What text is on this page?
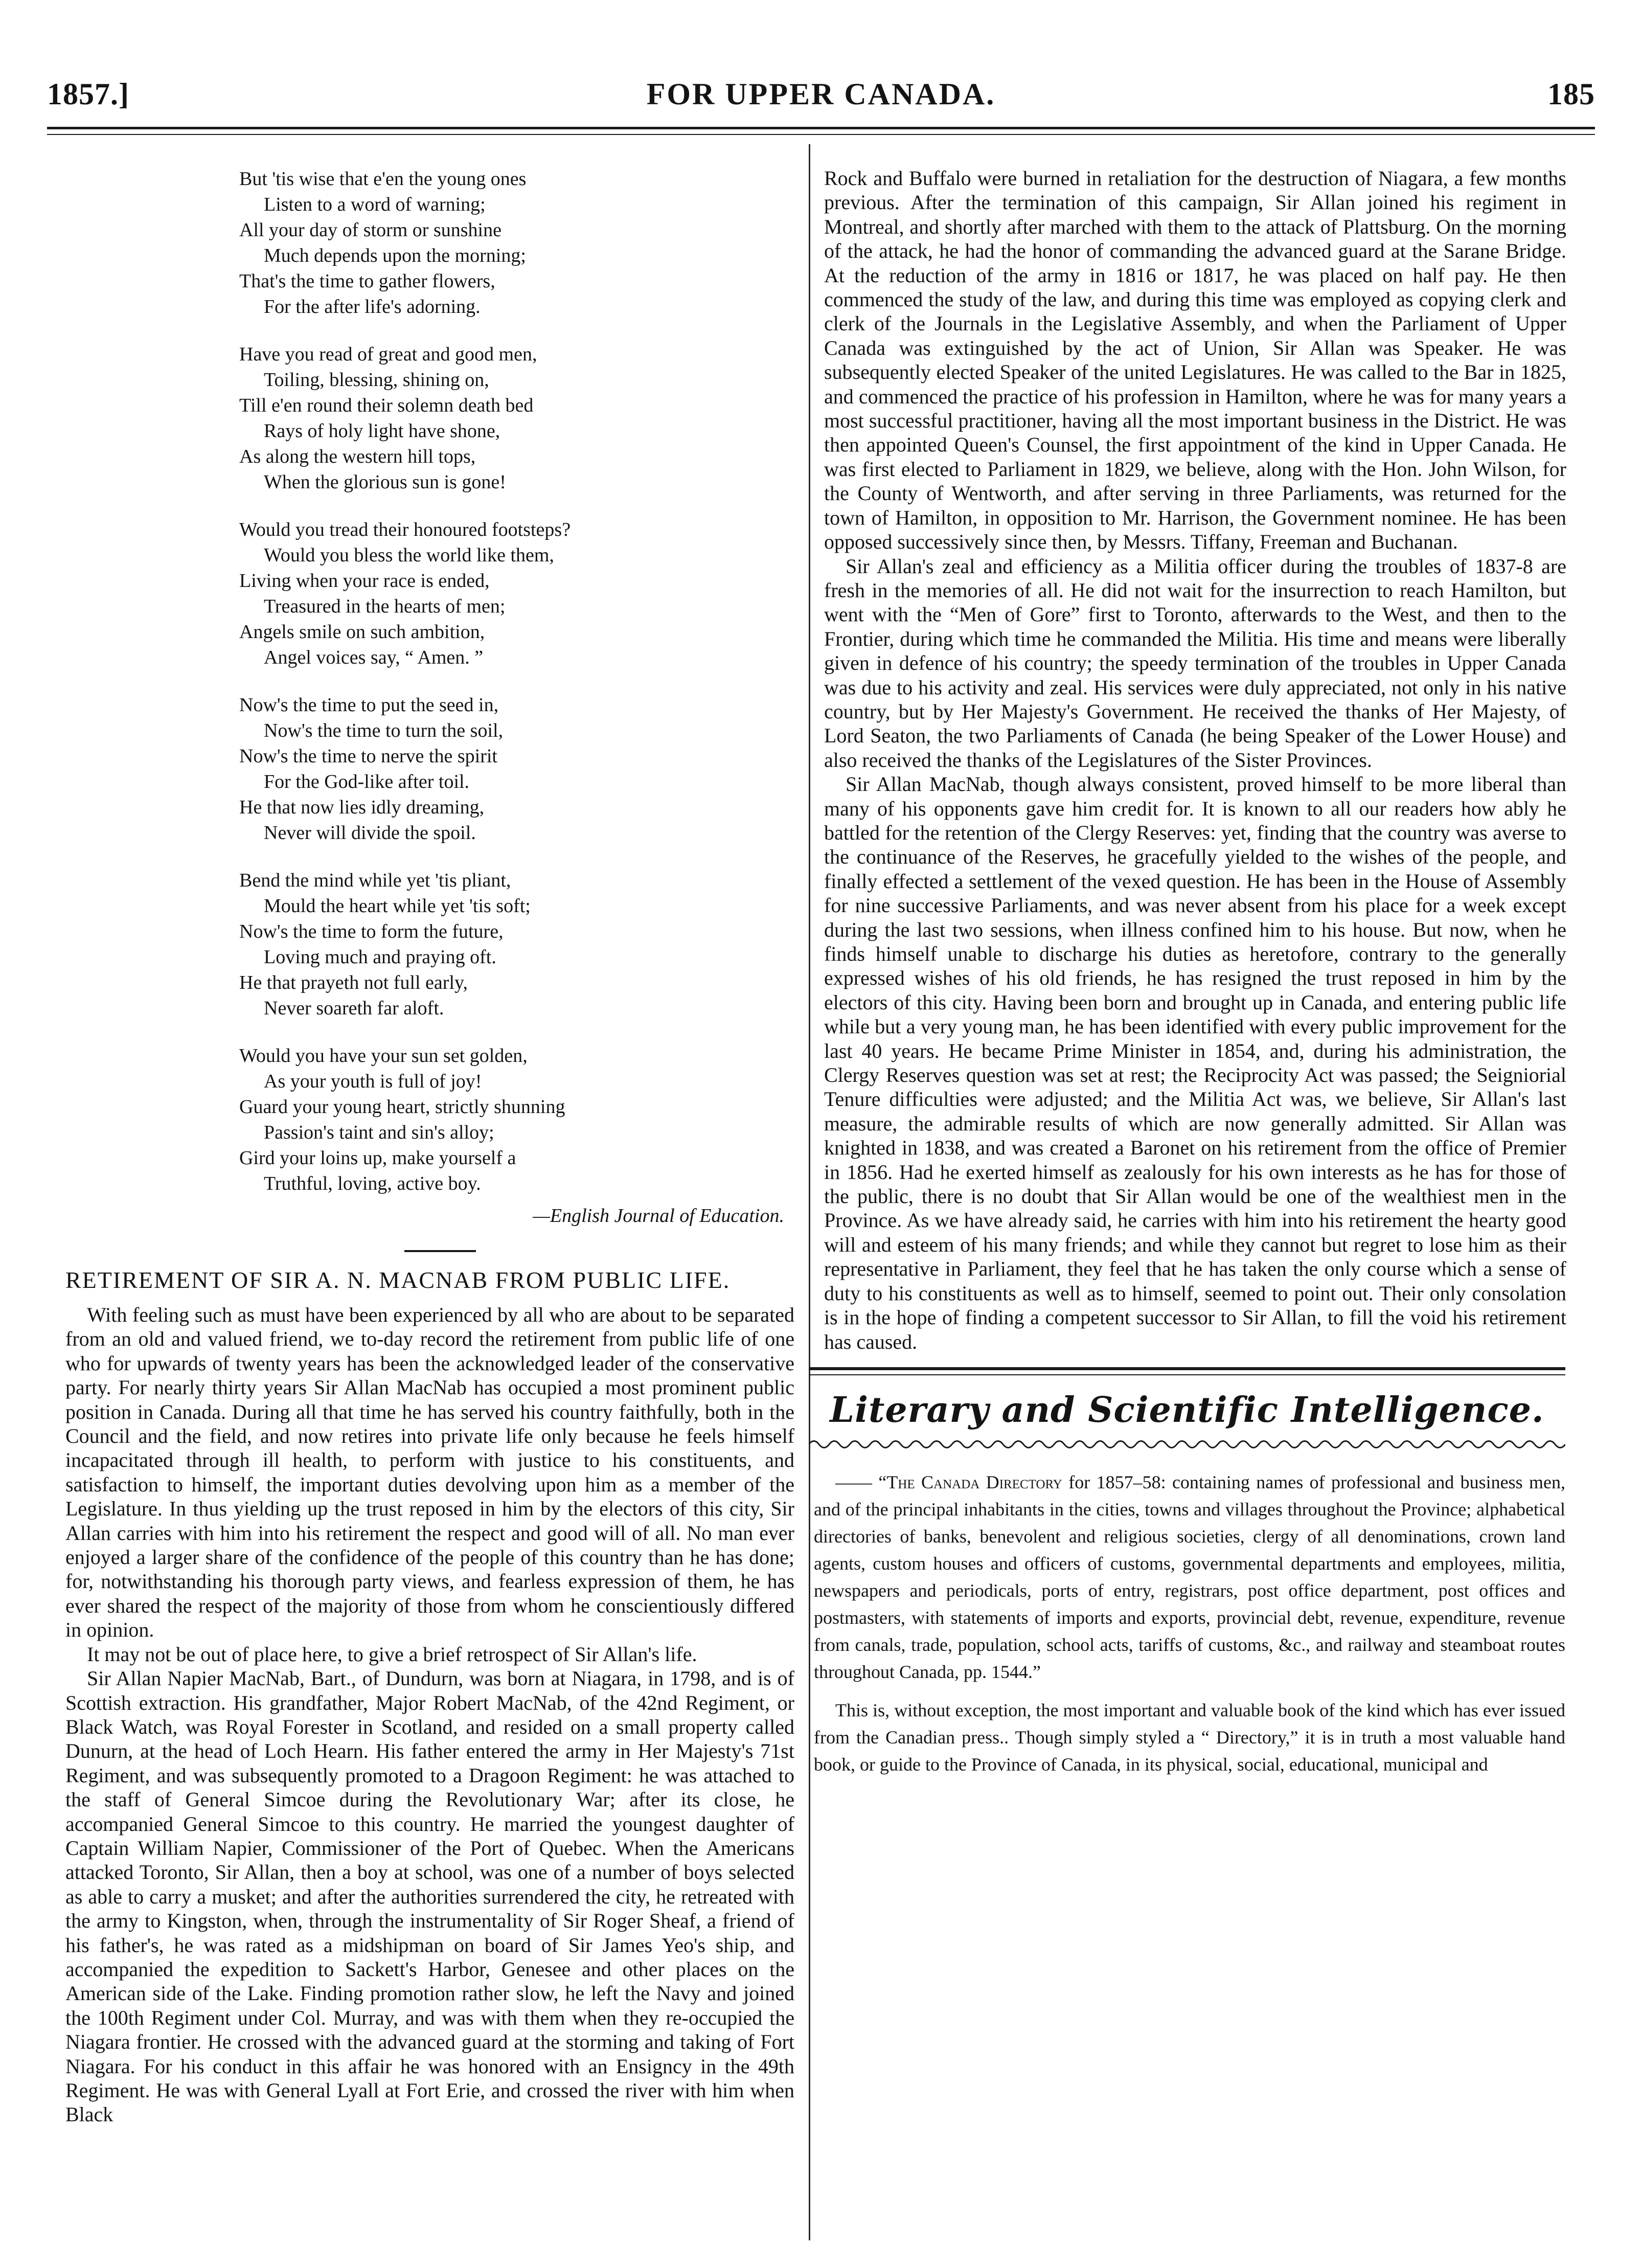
1857.]	FOR UPPER CANADA.	185
But 'tis wise that e'en the young ones
Listen to a word of warning;
All your day of storm or sunshine
Much depends upon the morning;
That's the time to gather flowers,
For the after life's adorning.
Have you read of great and good men,
Toiling, blessing, shining on,
Till e'en round their solemn death bed
Rays of holy light have shone,
As along the western hill tops,
When the glorious sun is gone!
Would you tread their honoured footsteps?
Would you bless the world like them,
Living when your race is ended,
Treasured in the hearts of men;
Angels smile on such ambition,
Angel voices say, “ Amen. ”
Now's the time to put the seed in,
Now's the time to turn the soil,
Now's the time to nerve the spirit
For the God-like after toil.
He that now lies idly dreaming,
Never will divide the spoil.
Bend the mind while yet 'tis pliant,
Mould the heart while yet 'tis soft;
Now's the time to form the future,
Loving much and praying oft.
He that prayeth not full early,
Never soareth far aloft.
Would you have your sun set golden,
As your youth is full of joy!
Guard your young heart, strictly shunning
Passion's taint and sin's alloy;
Gird your loins up, make yourself a
Truthful, loving, active boy.
—English Journal of Education.
RETIREMENT OF SIR A. N. MACNAB FROM PUBLIC LIFE.

With feeling such as must have been experienced by all who are about to be separated from an old and valued friend, we to-day record the retirement from public life of one who for upwards of twenty years has been the acknowledged leader of the conservative party. For nearly thirty years Sir Allan MacNab has occupied a most prominent public position in Canada. During all that time he has served his country faithfully, both in the Council and the field, and now retires into private life only because he feels himself incapacitated through ill health, to perform with justice to his constituents, and satisfaction to himself, the important duties devolving upon him as a member of the Legislature. In thus yielding up the trust reposed in him by the electors of this city, Sir Allan carries with him into his retirement the respect and good will of all. No man ever enjoyed a larger share of the confidence of the people of this country than he has done; for, notwithstanding his thorough party views, and fearless expression of them, he has ever shared the respect of the majority of those from whom he conscientiously differed in opinion.

It may not be out of place here, to give a brief retrospect of Sir Allan's life.

Sir Allan Napier MacNab, Bart., of Dundurn, was born at Niagara, in 1798, and is of Scottish extraction. His grandfather, Major Robert MacNab, of the 42nd Regiment, or Black Watch, was Royal Forester in Scotland, and resided on a small property called Dunurn, at the head of Loch Hearn. His father entered the army in Her Majesty's 71st Regiment, and was subsequently promoted to a Dragoon Regiment: he was attached to the staff of General Simcoe during the Revolutionary War; after its close, he accompanied General Simcoe to this country. He married the youngest daughter of Captain William Napier, Commissioner of the Port of Quebec. When the Americans attacked Toronto, Sir Allan, then a boy at school, was one of a number of boys selected as able to carry a musket; and after the authorities surrendered the city, he retreated with the army to Kingston, when, through the instrumentality of Sir Roger Sheaf, a friend of his father's, he was rated as a midshipman on board of Sir James Yeo's ship, and accompanied the expedition to Sackett's Harbor, Genesee and other places on the American side of the Lake. Finding promotion rather slow, he left the Navy and joined the 100th Regiment under Col. Murray, and was with them when they re-occupied the Niagara frontier. He crossed with the advanced guard at the storming and taking of Fort Niagara. For his conduct in this affair he was honored with an Ensigncy in the 49th Regiment. He was with General Lyall at Fort Erie, and crossed the river with him when Black

Rock and Buffalo were burned in retaliation for the destruction of Niagara, a few months previous. After the termination of this campaign, Sir Allan joined his regiment in Montreal, and shortly after marched with them to the attack of Plattsburg. On the morning of the attack, he had the honor of commanding the advanced guard at the Sarane Bridge. At the reduction of the army in 1816 or 1817, he was placed on half pay. He then commenced the study of the law, and during this time was employed as copying clerk and clerk of the Journals in the Legislative Assembly, and when the Parliament of Upper Canada was extinguished by the act of Union, Sir Allan was Speaker. He was subsequently elected Speaker of the united Legislatures. He was called to the Bar in 1825, and commenced the practice of his profession in Hamilton, where he was for many years a most successful practitioner, having all the most important business in the District. He was then appointed Queen's Counsel, the first appointment of the kind in Upper Canada. He was first elected to Parliament in 1829, we believe, along with the Hon. John Wilson, for the County of Wentworth, and after serving in three Parliaments, was returned for the town of Hamilton, in opposition to Mr. Harrison, the Government nominee. He has been opposed successively since then, by Messrs. Tiffany, Freeman and Buchanan.

Sir Allan's zeal and efficiency as a Militia officer during the troubles of 1837-8 are fresh in the memories of all. He did not wait for the insurrection to reach Hamilton, but went with the “Men of Gore” first to Toronto, afterwards to the West, and then to the Frontier, during which time he commanded the Militia. His time and means were liberally given in defence of his country; the speedy termination of the troubles in Upper Canada was due to his activity and zeal. His services were duly appreciated, not only in his native country, but by Her Majesty's Government. He received the thanks of Her Majesty, of Lord Seaton, the two Parliaments of Canada (he being Speaker of the Lower House) and also received the thanks of the Legislatures of the Sister Provinces.

Sir Allan MacNab, though always consistent, proved himself to be more liberal than many of his opponents gave him credit for. It is known to all our readers how ably he battled for the retention of the Clergy Reserves: yet, finding that the country was averse to the continuance of the Reserves, he gracefully yielded to the wishes of the people, and finally effected a settlement of the vexed question. He has been in the House of Assembly for nine successive Parliaments, and was never absent from his place for a week except during the last two sessions, when illness confined him to his house. But now, when he finds himself unable to discharge his duties as heretofore, contrary to the generally expressed wishes of his old friends, he has resigned the trust reposed in him by the electors of this city. Having been born and brought up in Canada, and entering public life while but a very young man, he has been identified with every public improvement for the last 40 years. He became Prime Minister in 1854, and, during his administration, the Clergy Reserves question was set at rest; the Reciprocity Act was passed; the Seigniorial Tenure difficulties were adjusted; and the Militia Act was, we believe, Sir Allan's last measure, the admirable results of which are now generally admitted. Sir Allan was knighted in 1838, and was created a Baronet on his retirement from the office of Premier in 1856. Had he exerted himself as zealously for his own interests as he has for those of the public, there is no doubt that Sir Allan would be one of the wealthiest men in the Province. As we have already said, he carries with him into his retirement the hearty good will and esteem of his many friends; and while they cannot but regret to lose him as their representative in Parliament, they feel that he has taken the only course which a sense of duty to his constituents as well as to himself, seemed to point out. Their only consolation is in the hope of finding a competent successor to Sir Allan, to fill the void his retirement has caused.

Literary and Scientific Intelligence.

—— “The Canada Directory for 1857–58: containing names of professional and business men, and of the principal inhabitants in the cities, towns and villages throughout the Province; alphabetical directories of banks, benevolent and religious societies, clergy of all denominations, crown land agents, custom houses and officers of customs, governmental departments and employees, militia, newspapers and periodicals, ports of entry, registrars, post office department, post offices and postmasters, with statements of imports and exports, provincial debt, revenue, expenditure, revenue from canals, trade, population, school acts, tariffs of customs, &c., and railway and steamboat routes throughout Canada, pp. 1544.”

This is, without exception, the most important and valuable book of the kind which has ever issued from the Canadian press.. Though simply styled a “ Directory,” it is in truth a most valuable hand book, or guide to the Province of Canada, in its physical, social, educational, municipal and
